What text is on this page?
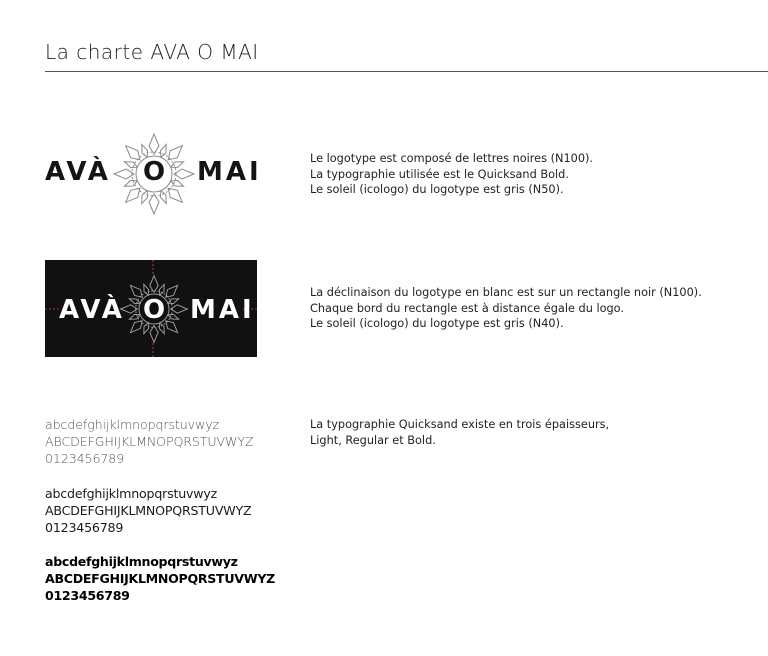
La charte AVA O MAI
AVÀ O MAI	Le logotype est composé de lettres noires (N100).

La typographie utilisée est le Quicksand Bold.

Le soleil (icologo) du logotype est gris (N50).

AVÀ O MAI

La déclinaison du logotype en blanc est sur un rectangle noir (N100).

Chaque bord du rectangle est à distance égale du logo.

Le soleil (icologo) du logotype est gris (N40).

abcdefghijklmnopqrstuvwyz
ABCDEFGHIJKLMNOPQRSTUVWYZ
0123456789
abcdefghijklmnopqrstuvwyz
ABCDEFGHIJKLMNOPQRSTUVWYZ
0123456789
abcdefghijklmnopqrstuvwyz
ABCDEFGHIJKLMNOPQRSTUVWYZ
0123456789

La typographie Quicksand existe en trois épaisseurs,

Light, Regular et Bold.
